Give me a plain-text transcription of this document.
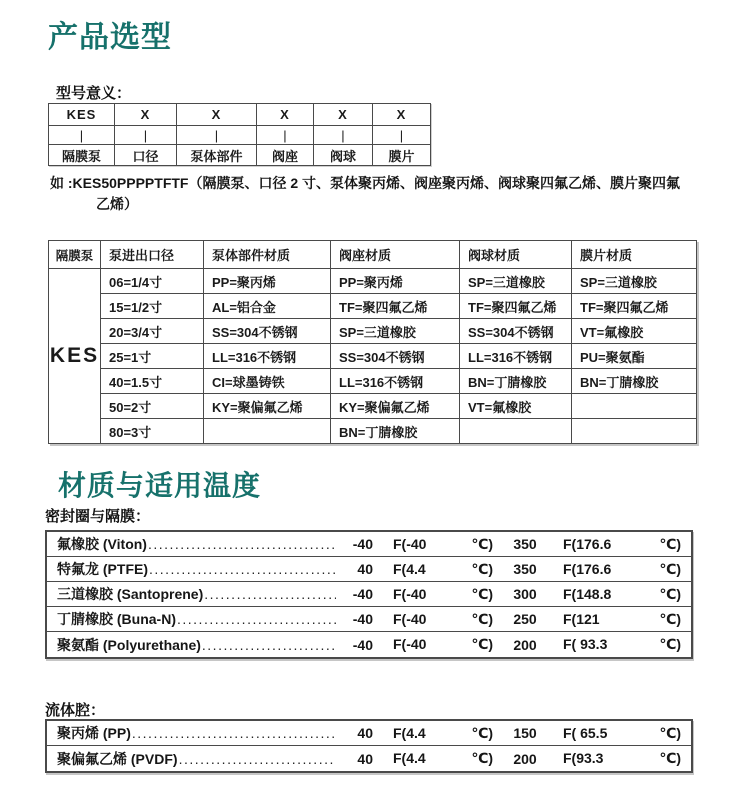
产品选型
型号意义：
KES	X	X	X	X	X
|	|	|	|	|	|
隔膜泵	口径	泵体部件	阀座	阀球	膜片
如 :KES50PPPPTFTF（隔膜泵、口径 2 寸、泵体聚丙烯、阀座聚丙烯、阀球聚四氟乙烯、膜片聚四氟乙烯）
隔膜泵	泵进出口径	泵体部件材质	阀座材质	阀球材质	膜片材质
KES	06=1/4寸	PP=聚丙烯	PP=聚丙烯	SP=三道橡胶	SP=三道橡胶
	15=1/2寸	AL=铝合金	TF=聚四氟乙烯	TF=聚四氟乙烯	TF=聚四氟乙烯
	20=3/4寸	SS=304不锈钢	SP=三道橡胶	SS=304不锈钢	VT=氟橡胶
	25=1寸	LL=316不锈钢	SS=304不锈钢	LL=316不锈钢	PU=聚氨酯
	40=1.5寸	CI=球墨铸铁	LL=316不锈钢	BN=丁腈橡胶	BN=丁腈橡胶
	50=2寸	KY=聚偏氟乙烯	KY=聚偏氟乙烯	VT=氟橡胶	
	80=3寸		BN=丁腈橡胶		
材质与适用温度
密封圈与隔膜：
氟橡胶 (Viton) .....	-40 F(-40	℃)	350	F(176.6	℃)
特氟龙 (PTFE) .....	40 F(4.4	℃)	350	F(176.6	℃)
三道橡胶 (Santoprene) .....	-40 F(-40	℃)	300	F(148.8	℃)
丁腈橡胶 (Buna-N) .....	-40 F(-40	℃)	250	F(121	℃)
聚氨酯 (Polyurethane) .....	-40 F(-40	℃)	200	F( 93.3	℃)
流体腔：
聚丙烯 (PP) .....	40 F(4.4	℃)	150	F( 65.5	℃)
聚偏氟乙烯 (PVDF) .....	40 F(4.4	℃)	200	F(93.3	℃)
